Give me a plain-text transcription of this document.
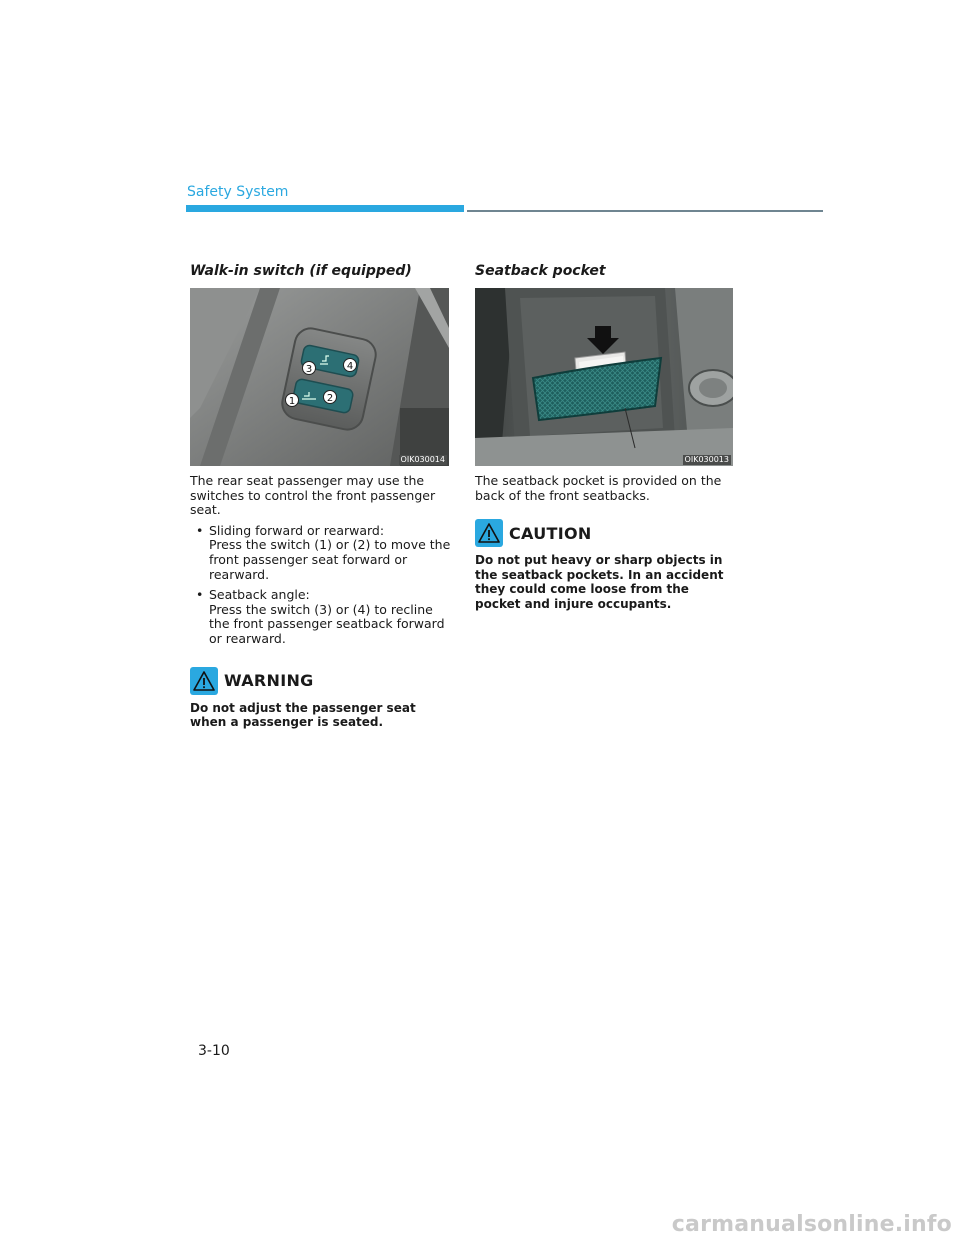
Safety System
Walk-in switch (if equipped)
3	4
1	2
OIK030014

The rear seat passenger may use the switches to control the front passenger seat.

• Sliding forward or rearward:

Press the switch (1) or (2) to move the front passenger seat forward or rearward.

• Seatback angle:

Press the switch (3) or (4) to recline the front passenger seatback forward or rearward.

WARNING

Do not adjust the passenger seat when a passenger is seated.

Seatback pocket
OIK030013

The seatback pocket is provided on the back of the front seatbacks.

CAUTION

Do not put heavy or sharp objects in the seatback pockets. In an accident they could come loose from the pocket and injure occupants.

3-10
carmanualsonline.info
